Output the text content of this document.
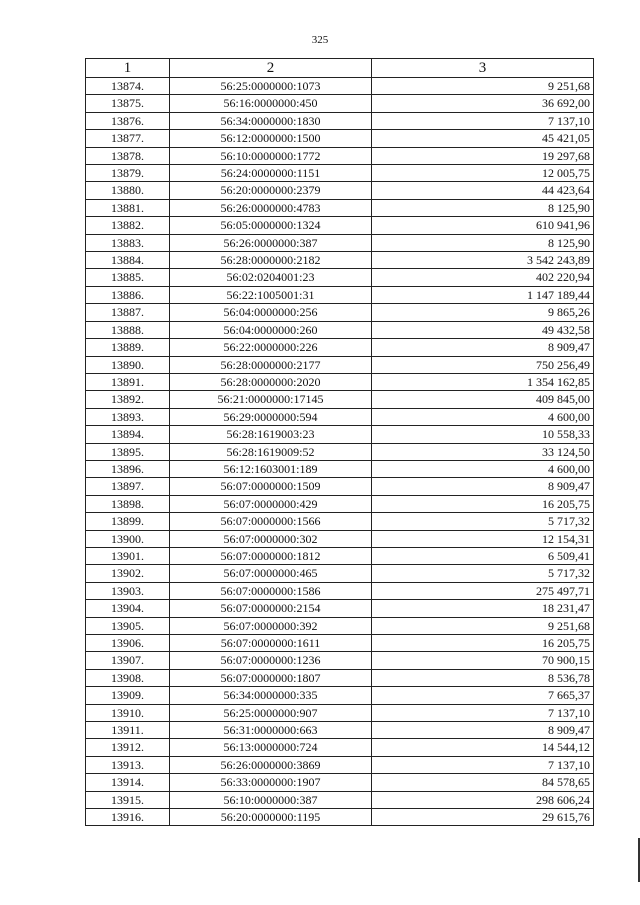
325
1	2	3
13874.	56:25:0000000:1073	9 251,68
13875.	56:16:0000000:450	36 692,00
13876.	56:34:0000000:1830	7 137,10
13877.	56:12:0000000:1500	45 421,05
13878.	56:10:0000000:1772	19 297,68
13879.	56:24:0000000:1151	12 005,75
13880.	56:20:0000000:2379	44 423,64
13881.	56:26:0000000:4783	8 125,90
13882.	56:05:0000000:1324	610 941,96
13883.	56:26:0000000:387	8 125,90
13884.	56:28:0000000:2182	3 542 243,89
13885.	56:02:0204001:23	402 220,94
13886.	56:22:1005001:31	1 147 189,44
13887.	56:04:0000000:256	9 865,26
13888.	56:04:0000000:260	49 432,58
13889.	56:22:0000000:226	8 909,47
13890.	56:28:0000000:2177	750 256,49
13891.	56:28:0000000:2020	1 354 162,85
13892.	56:21:0000000:17145	409 845,00
13893.	56:29:0000000:594	4 600,00
13894.	56:28:1619003:23	10 558,33
13895.	56:28:1619009:52	33 124,50
13896.	56:12:1603001:189	4 600,00
13897.	56:07:0000000:1509	8 909,47
13898.	56:07:0000000:429	16 205,75
13899.	56:07:0000000:1566	5 717,32
13900.	56:07:0000000:302	12 154,31
13901.	56:07:0000000:1812	6 509,41
13902.	56:07:0000000:465	5 717,32
13903.	56:07:0000000:1586	275 497,71
13904.	56:07:0000000:2154	18 231,47
13905.	56:07:0000000:392	9 251,68
13906.	56:07:0000000:1611	16 205,75
13907.	56:07:0000000:1236	70 900,15
13908.	56:07:0000000:1807	8 536,78
13909.	56:34:0000000:335	7 665,37
13910.	56:25:0000000:907	7 137,10
13911.	56:31:0000000:663	8 909,47
13912.	56:13:0000000:724	14 544,12
13913.	56:26:0000000:3869	7 137,10
13914.	56:33:0000000:1907	84 578,65
13915.	56:10:0000000:387	298 606,24
13916.	56:20:0000000:1195	29 615,76
